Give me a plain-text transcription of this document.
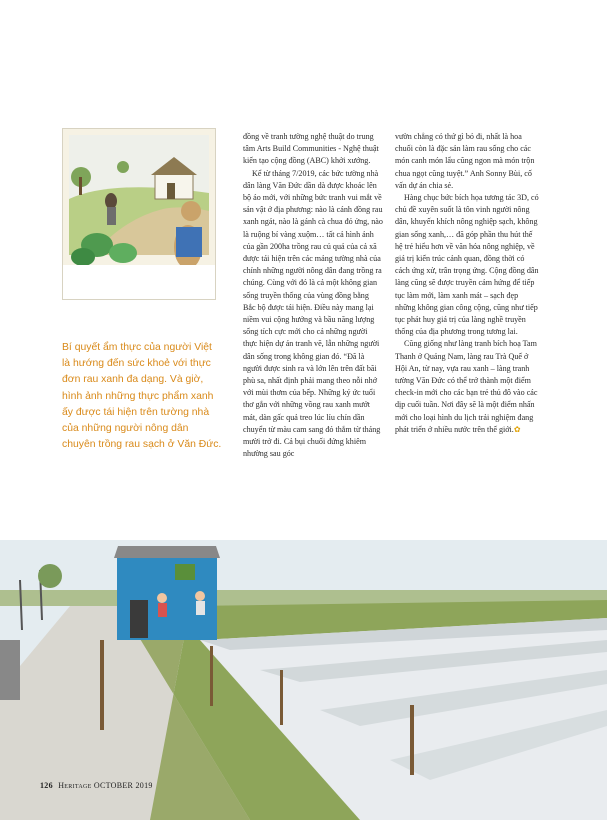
Bí quyết ẩm thực của người Việt là hướng đến sức khoẻ với thực đơn rau xanh đa dạng. Và giờ, hình ảnh những thực phẩm xanh ấy được tái hiện trên tường nhà của những người nông dân chuyên trồng rau sạch ở Văn Đức.

đồng về tranh tường nghệ thuật do trung tâm Arts Build Communities - Nghệ thuật kiến tạo cộng đồng (ABC) khởi xướng.

Kể từ tháng 7/2019, các bức tường nhà dân làng Văn Đức dần dà được khoác lên bộ áo mới, với những bức tranh vui mắt về sản vật ở địa phương: nào là cánh đồng rau xanh ngát, nào là gánh cà chua đỏ ửng, nào là ruộng bí vàng xuộm… tất cả hình ảnh của gần 200ha trồng rau củ quả của cả xã được tái hiện trên các mảng tường nhà của chính những người nông dân đang trồng ra chúng. Cùng với đó là cả một không gian sống truyền thống của vùng đồng bằng Bắc bộ được tái hiện. Điều này mang lại niềm vui cộng hưởng và bầu năng lượng sống tích cực mới cho cả những người thực hiện dự án tranh vẽ, lẫn những người dân sống trong không gian đó. “Đã là người được sinh ra và lớn lên trên đất bãi phù sa, nhất định phải mang theo nỗi nhớ với mùi thơm của bếp. Những ký ức tuổi thơ gắn với những vồng rau xanh mướt mát, dàn gấc quả treo lúc lỉu chín dần chuyển từ màu cam sang đỏ thắm từ tháng mười trở đi. Cả bụi chuối đứng khiêm nhường sau góc

vườn chẳng có thứ gì bỏ đi, nhất là hoa chuối còn là đặc sản làm rau sống cho các món canh món lẩu cũng ngon mà món trộn chua ngọt cũng tuyệt.” Anh Sonny Bùi, cố vấn dự án chia sẻ.

Hàng chục bức bích họa tương tác 3D, có chủ đề xuyên suốt là tôn vinh người nông dân, khuyến khích nông nghiệp sạch, không gian sống xanh,… đã góp phần thu hút thế hệ trẻ hiểu hơn về văn hóa nông nghiệp, về giá trị kiến trúc cảnh quan, đồng thời có cách ứng xử, trân trọng ứng. Cộng đồng dân làng cũng sẽ được truyền cảm hứng để tiếp tục làm mới, làm xanh mát – sạch đẹp những không gian công cộng, cũng như tiếp tục phát huy giá trị của làng nghề truyền thống của địa phương trong tương lai.

Cũng giống như làng tranh bích hoạ Tam Thanh ở Quảng Nam, làng rau Trà Quế ở Hội An, từ nay, vựa rau xanh – làng tranh tường Văn Đức có thể trở thành một điểm check-in mới cho các bạn trẻ thủ đô vào các dịp cuối tuần. Nơi đây sẽ là một điểm nhấn mới cho loại hình du lịch trải nghiệm đang phát triển ở nhiều nước trên thế giới.✿

126 Heritage OCTOBER 2019
